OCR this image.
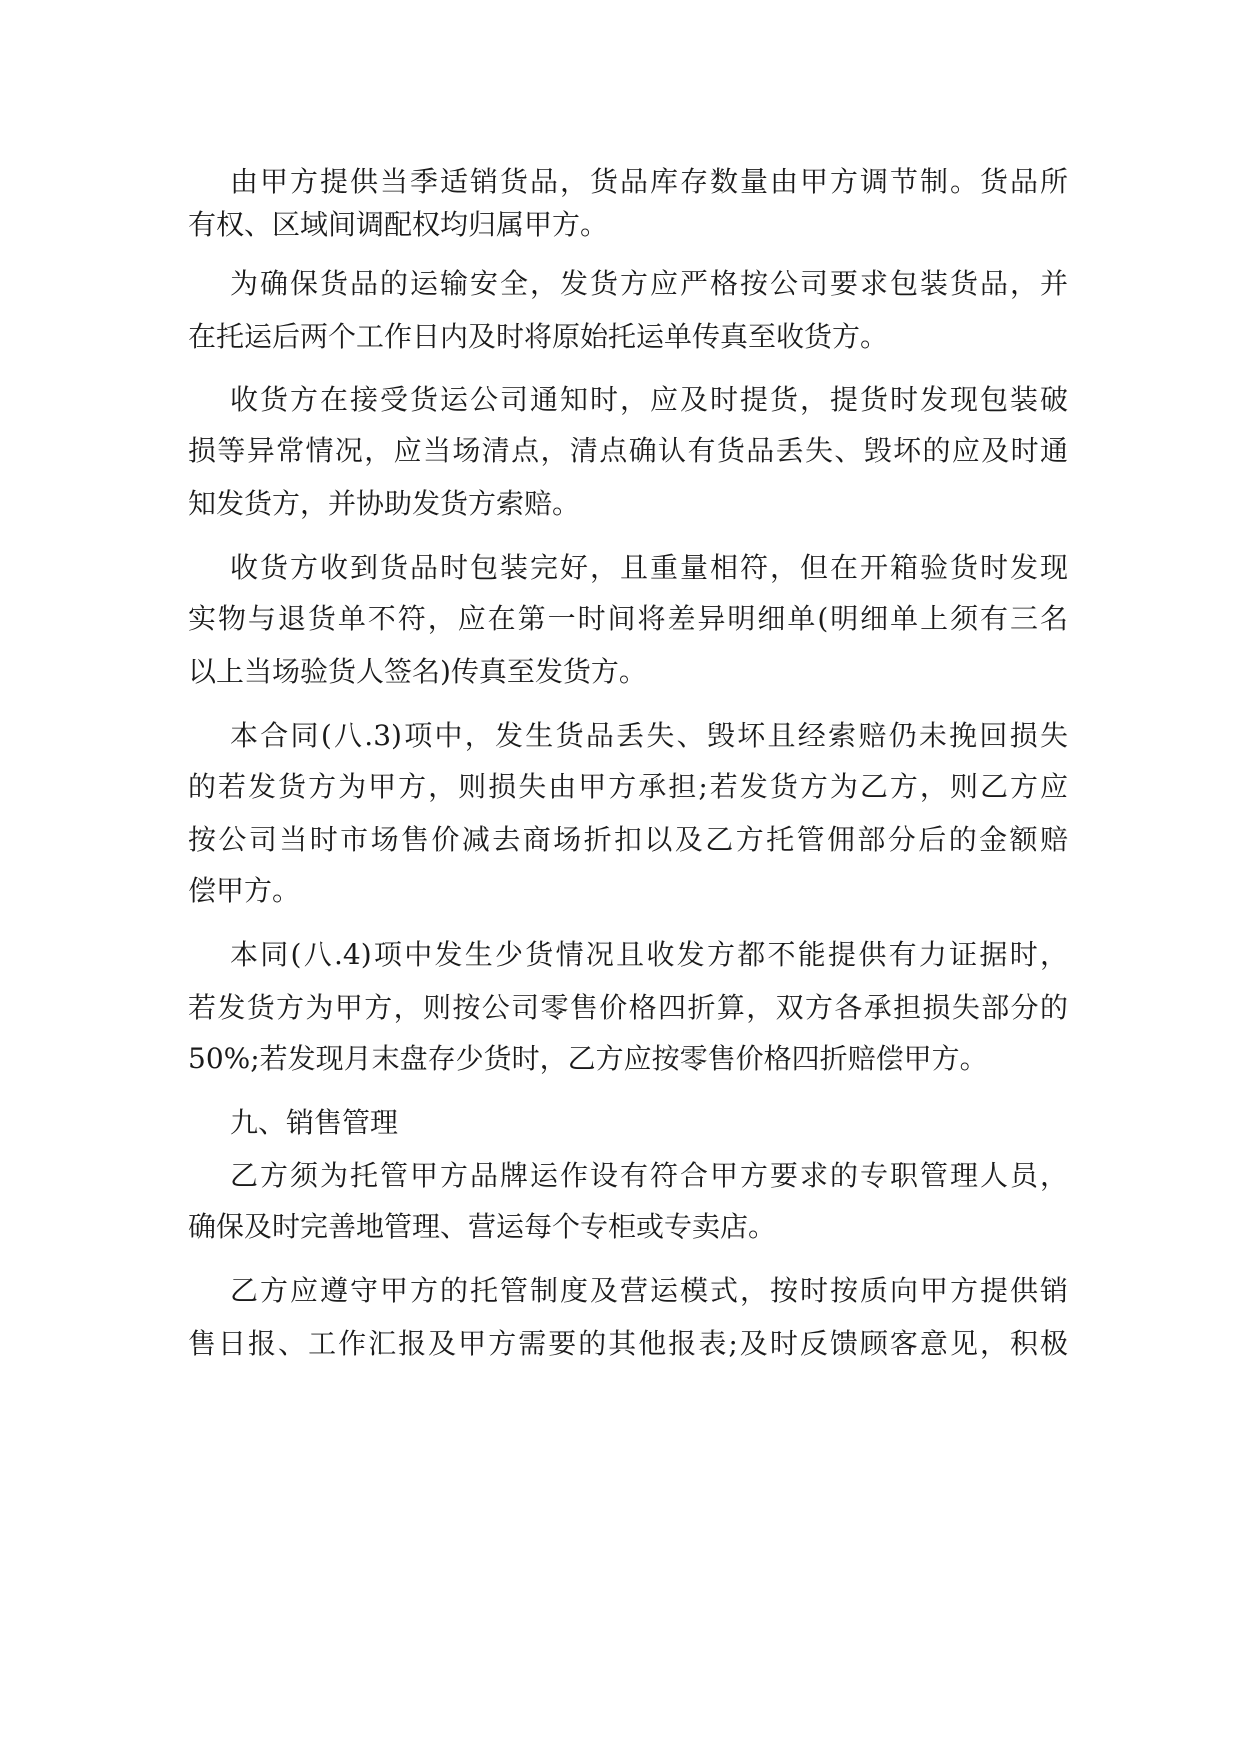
由甲方提供当季适销货品，货品库存数量由甲方调节制。货品所
有权、区域间调配权均归属甲方。
为确保货品的运输安全，发货方应严格按公司要求包装货品，并
在托运后两个工作日内及时将原始托运单传真至收货方。
收货方在接受货运公司通知时，应及时提货，提货时发现包装破
损等异常情况，应当场清点，清点确认有货品丢失、毁坏的应及时通
知发货方，并协助发货方索赔。
收货方收到货品时包装完好，且重量相符，但在开箱验货时发现
实物与退货单不符，应在第一时间将差异明细单(明细单上须有三名
以上当场验货人签名)传真至发货方。
本合同(八.3)项中，发生货品丢失、毁坏且经索赔仍未挽回损失
的若发货方为甲方，则损失由甲方承担;若发货方为乙方，则乙方应
按公司当时市场售价减去商场折扣以及乙方托管佣部分后的金额赔
偿甲方。
本同(八.4)项中发生少货情况且收发方都不能提供有力证据时，
若发货方为甲方，则按公司零售价格四折算，双方各承担损失部分的
50%;若发现月末盘存少货时，乙方应按零售价格四折赔偿甲方。
九、销售管理
乙方须为托管甲方品牌运作设有符合甲方要求的专职管理人员，
确保及时完善地管理、营运每个专柜或专卖店。
乙方应遵守甲方的托管制度及营运模式，按时按质向甲方提供销
售日报、工作汇报及甲方需要的其他报表;及时反馈顾客意见，积极
